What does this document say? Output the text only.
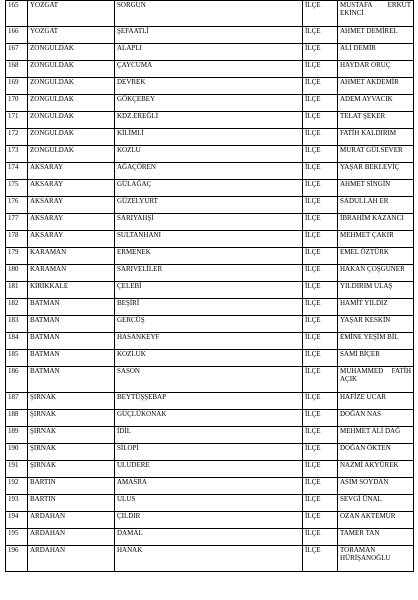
165	YOZGAT	SORGUN	İLÇE	MUSTAFA ERKUT EKİNCİ
166	YOZGAT	ŞEFAATLİ	İLÇE	AHMET DEMİREL
167	ZONGULDAK	ALAPLI	İLÇE	ALİ DEMİR
168	ZONGULDAK	ÇAYCUMA	İLÇE	HAYDAR ORUÇ
169	ZONGULDAK	DEVREK	İLÇE	AHMET AKDEMİR
170	ZONGULDAK	GÖKÇEBEY	İLÇE	ADEM AYVACIK
171	ZONGULDAK	KDZ.EREĞLİ	İLÇE	TELAT ŞEKER
172	ZONGULDAK	KİLİMLİ	İLÇE	FATİH KALDIRIM
173	ZONGULDAK	KOZLU	İLÇE	MURAT GÜLSEVER
174	AKSARAY	AĞAÇÖREN	İLÇE	YAŞAR BEKLEVİÇ
175	AKSARAY	GÜLAĞAÇ	İLÇE	AHMET SİNGİN
176	AKSARAY	GÜZELYURT	İLÇE	SADULLAH ER
177	AKSARAY	SARIYAHŞİ	İLÇE	İBRAHİM KAZANCI
178	AKSARAY	SULTANHANI	İLÇE	MEHMET ÇAKIR
179	KARAMAN	ERMENEK	İLÇE	EMEL ÖZTÜRK
180	KARAMAN	SARIVELİLER	İLÇE	HAKAN ÇOŞGUNER
181	KIRIKKALE	ÇELEBİ	İLÇE	YILDIRIM ULAŞ
182	BATMAN	BEŞİRİ	İLÇE	HAMİT YILDIZ
183	BATMAN	GERCÜŞ	İLÇE	YAŞAR KESKİN
184	BATMAN	HASANKEYF	İLÇE	EMİNE YEŞİM BİL
185	BATMAN	KOZLUK	İLÇE	SAMİ BİÇER
186	BATMAN	SASON	İLÇE	MUHAMMED FATİH AÇIK
187	ŞIRNAK	BEYTÜŞŞEBAP	İLÇE	HAFİZE UCAR
188	ŞIRNAK	GÜÇLÜKONAK	İLÇE	DOĞAN NAS
189	ŞIRNAK	İDİL	İLÇE	MEHMET ALİ DAĞ
190	ŞIRNAK	SİLOPİ	İLÇE	DOĞAN ÖKTEN
191	ŞIRNAK	ULUDERE	İLÇE	NAZMİ AKYÜREK
192	BARTIN	AMASRA	İLÇE	ASIM SOYDAN
193	BARTIN	ULUS	İLÇE	SEVGİ ÜNAL
194	ARDAHAN	ÇILDIR	İLÇE	OZAN AKTEMUR
195	ARDAHAN	DAMAL	İLÇE	TAMER TAN
196	ARDAHAN	HANAK	İLÇE	TORAMAN HÜRİŞANOĞLU
